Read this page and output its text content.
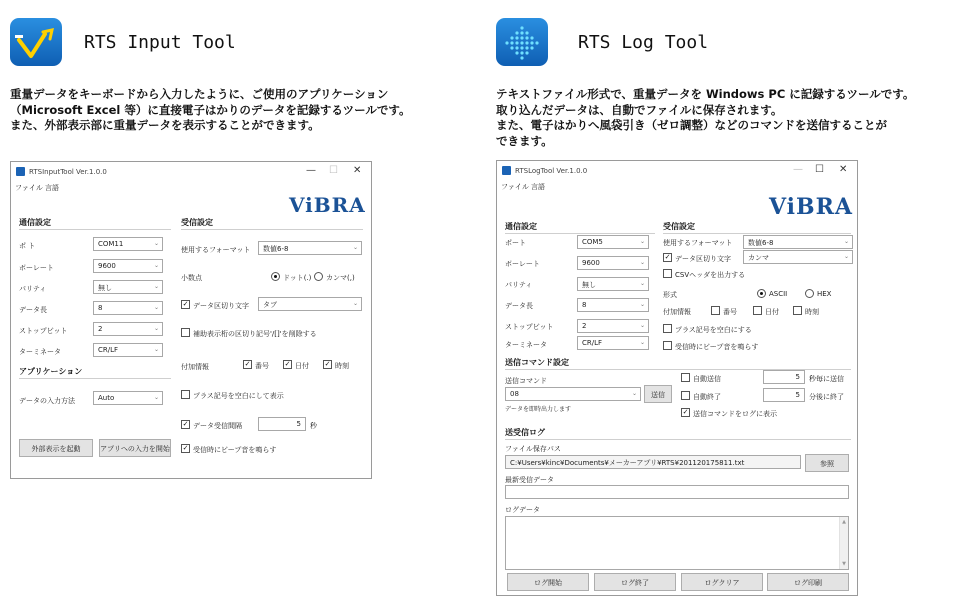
RTS Input Tool
重量データをキーボードから入力したように、ご使用のアプリケーション
（Microsoft Excel 等）に直接電子はかりのデータを記録するツールです。
また、外部表示部に重量データを表示することができます。
RTSInputTool Ver.1.0.0	— ☐ ✕
ファイル 言語
ViBRA
通信設定
ポ ト	COM11	⌄
ボーレート	9600	⌄
パリティ	無し	⌄
データ長	8	⌄
ストップビット	2	⌄
ターミネータ	CR/LF	⌄
アプリケーション
データの入力方法	Auto	⌄
外部表示を起動	アプリへの入力を開始
受信設定
使用するフォーマット	数値6-8	⌄
小数点	ドット(.) カンマ(,)
✓ データ区切り文字	タブ	⌄
補助表示桁の区切り記号'/[]'を削除する
付加情報	✓ 番号 ✓ 日付 ✓ 時刻
プラス記号を空白にして表示
✓ データ受信間隔	5	秒
✓ 受信時にビープ音を鳴らす
RTS Log Tool
テキストファイル形式で、重量データを Windows PC に記録するツールです。
取り込んだデータは、自動でファイルに保存されます。
また、電子はかりへ風袋引き（ゼロ調整）などのコマンドを送信することが
できます。
RTSLogTool Ver.1.0.0	— ☐ ✕
ファイル 言語
ViBRA
通信設定
ポート	COM5	⌄
ボーレート	9600	⌄
パリティ	無し	⌄
データ長	8	⌄
ストップビット	2	⌄
ターミネータ	CR/LF	⌄
受信設定
使用するフォーマット	数値6-8	⌄
✓ データ区切り文字	カンマ	⌄
CSVヘッダを出力する
形式	ASCII	HEX
付加情報	番号	日付	時刻
プラス記号を空白にする
受信時にビープ音を鳴らす
送信コマンド設定
送信コマンド
08	⌄	送信
データを即時出力します
自動送信	5	秒毎に送信
自動終了	5	分後に終了
✓ 送信コマンドをログに表示
送受信ログ
ファイル保存パス
C:¥Users¥kinc¥Documents¥メーカーアプリ¥RTS¥201120175811.txt	参照
最新受信データ
ログデータ
▲
▼
ログ開始	ログ終了	ログクリア	ログ印刷
